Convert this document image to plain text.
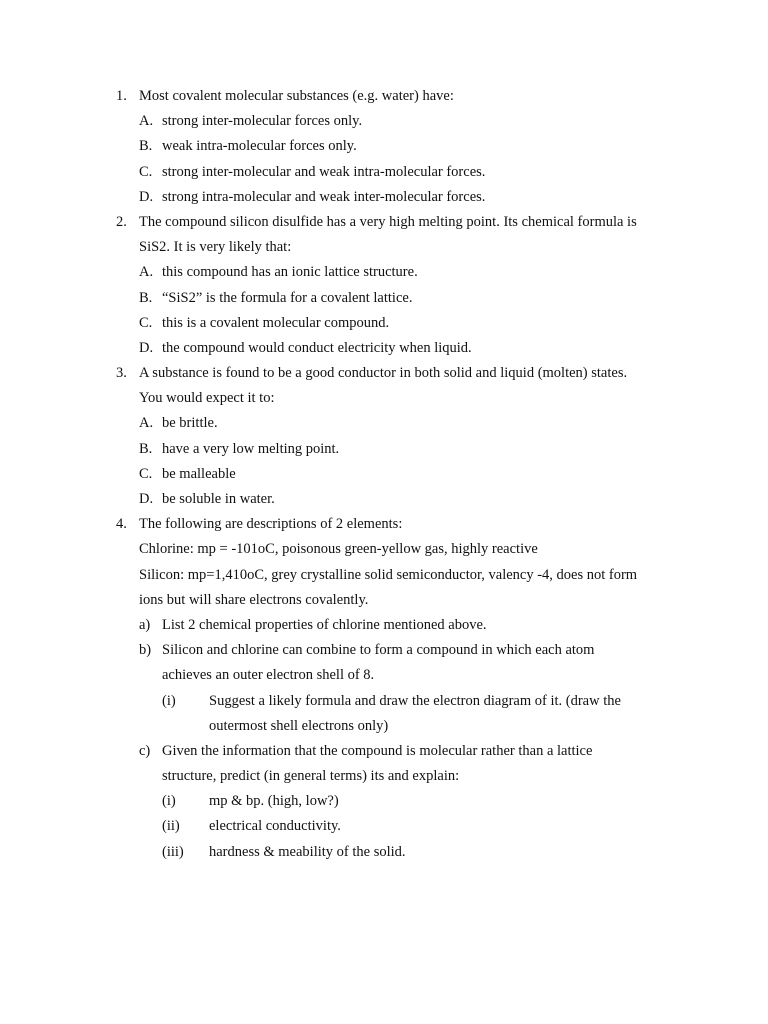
1. Most covalent molecular substances (e.g. water) have:
A. strong inter-molecular forces only.
B. weak intra-molecular forces only.
C. strong inter-molecular and weak intra-molecular forces.
D. strong intra-molecular and weak inter-molecular forces.
2. The compound silicon disulfide has a very high melting point. Its chemical formula is
SiS2. It is very likely that:
A. this compound has an ionic lattice structure.
B. “SiS2” is the formula for a covalent lattice.
C. this is a covalent molecular compound.
D. the compound would conduct electricity when liquid.
3. A substance is found to be a good conductor in both solid and liquid (molten) states.
You would expect it to:
A. be brittle.
B. have a very low melting point.
C. be malleable
D. be soluble in water.
4. The following are descriptions of 2 elements:
Chlorine: mp = -101oC, poisonous green-yellow gas, highly reactive
Silicon: mp=1,410oC, grey crystalline solid semiconductor, valency -4, does not form
ions but will share electrons covalently.
a) List 2 chemical properties of chlorine mentioned above.
b) Silicon and chlorine can combine to form a compound in which each atom
achieves an outer electron shell of 8.
(i) Suggest a likely formula and draw the electron diagram of it. (draw the
outermost shell electrons only)
c) Given the information that the compound is molecular rather than a lattice
structure, predict (in general terms) its and explain:
(i) mp & bp. (high, low?)
(ii) electrical conductivity.
(iii) hardness & meability of the solid.
